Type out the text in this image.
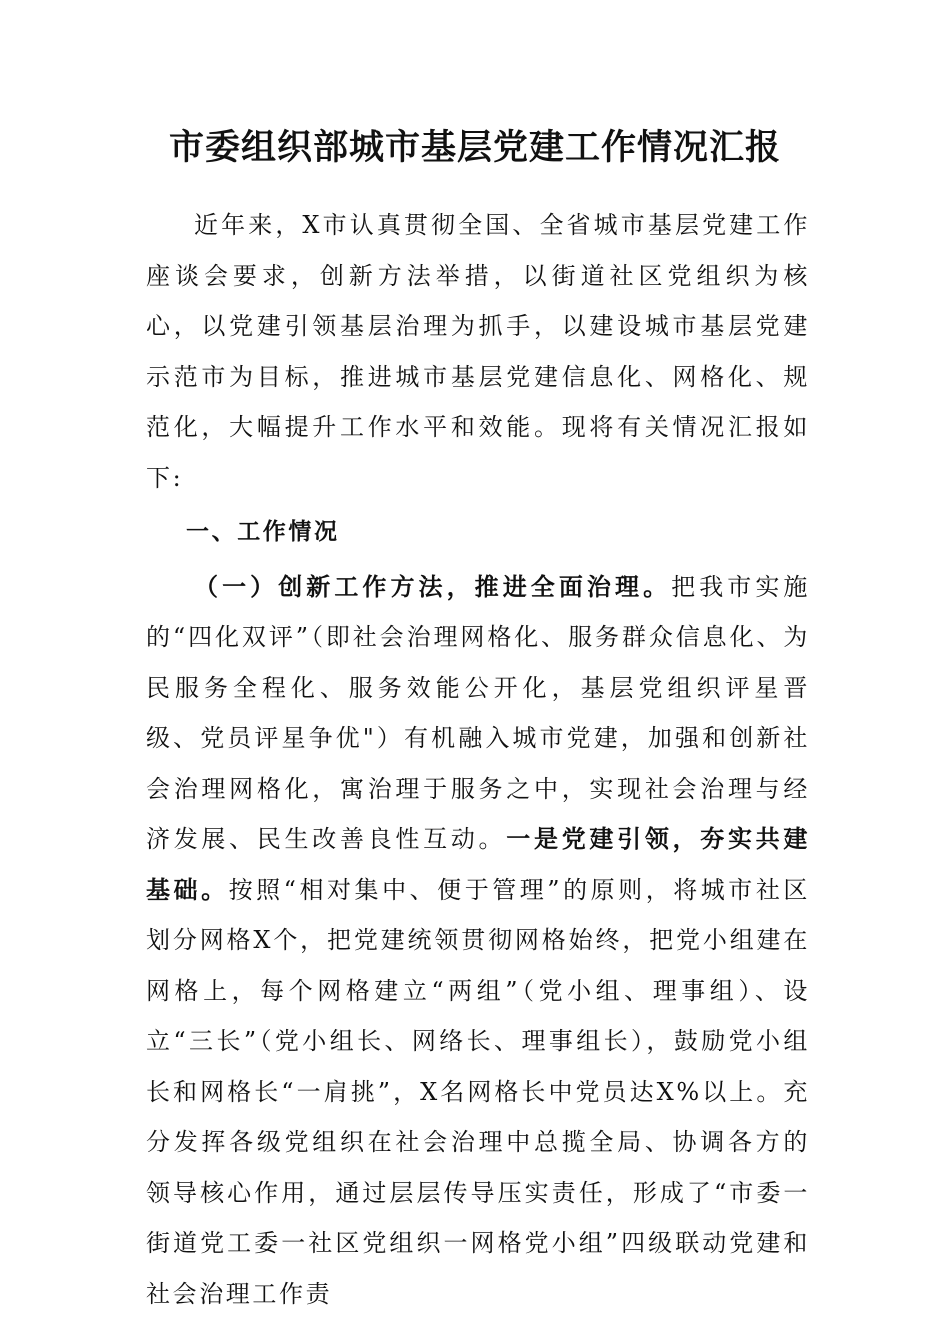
市委组织部城市基层党建工作情况汇报

近年来，X市认真贯彻全国、全省城市基层党建工作座谈会要求，创新方法举措，以街道社区党组织为核心，以党建引领基层治理为抓手，以建设城市基层党建示范市为目标，推进城市基层党建信息化、网格化、规范化，大幅提升工作水平和效能。现将有关情况汇报如下:

一、工作情况

（一）创新工作方法，推进全面治理。把我市实施的“四化双评”（即社会治理网格化、服务群众信息化、为民服务全程化、服务效能公开化，基层党组织评星晋级、党员评星争优"）有机融入城市党建，加强和创新社会治理网格化，寓治理于服务之中，实现社会治理与经济发展、民生改善良性互动。一是党建引领，夯实共建基础。按照“相对集中、便于管理”的原则，将城市社区划分网格X个，把党建统领贯彻网格始终，把党小组建在网格上，每个网格建立“两组”（党小组、理事组）、设立“三长”（党小组长、网络长、理事组长），鼓励党小组长和网格长“一肩挑”，X名网格长中党员达X%以上。充分发挥各级党组织在社会治理中总揽全局、协调各方的领导核心作用，通过层层传导压实责任，形成了“市委一街道党工委一社区党组织一网格党小组”四级联动党建和社会治理工作责
